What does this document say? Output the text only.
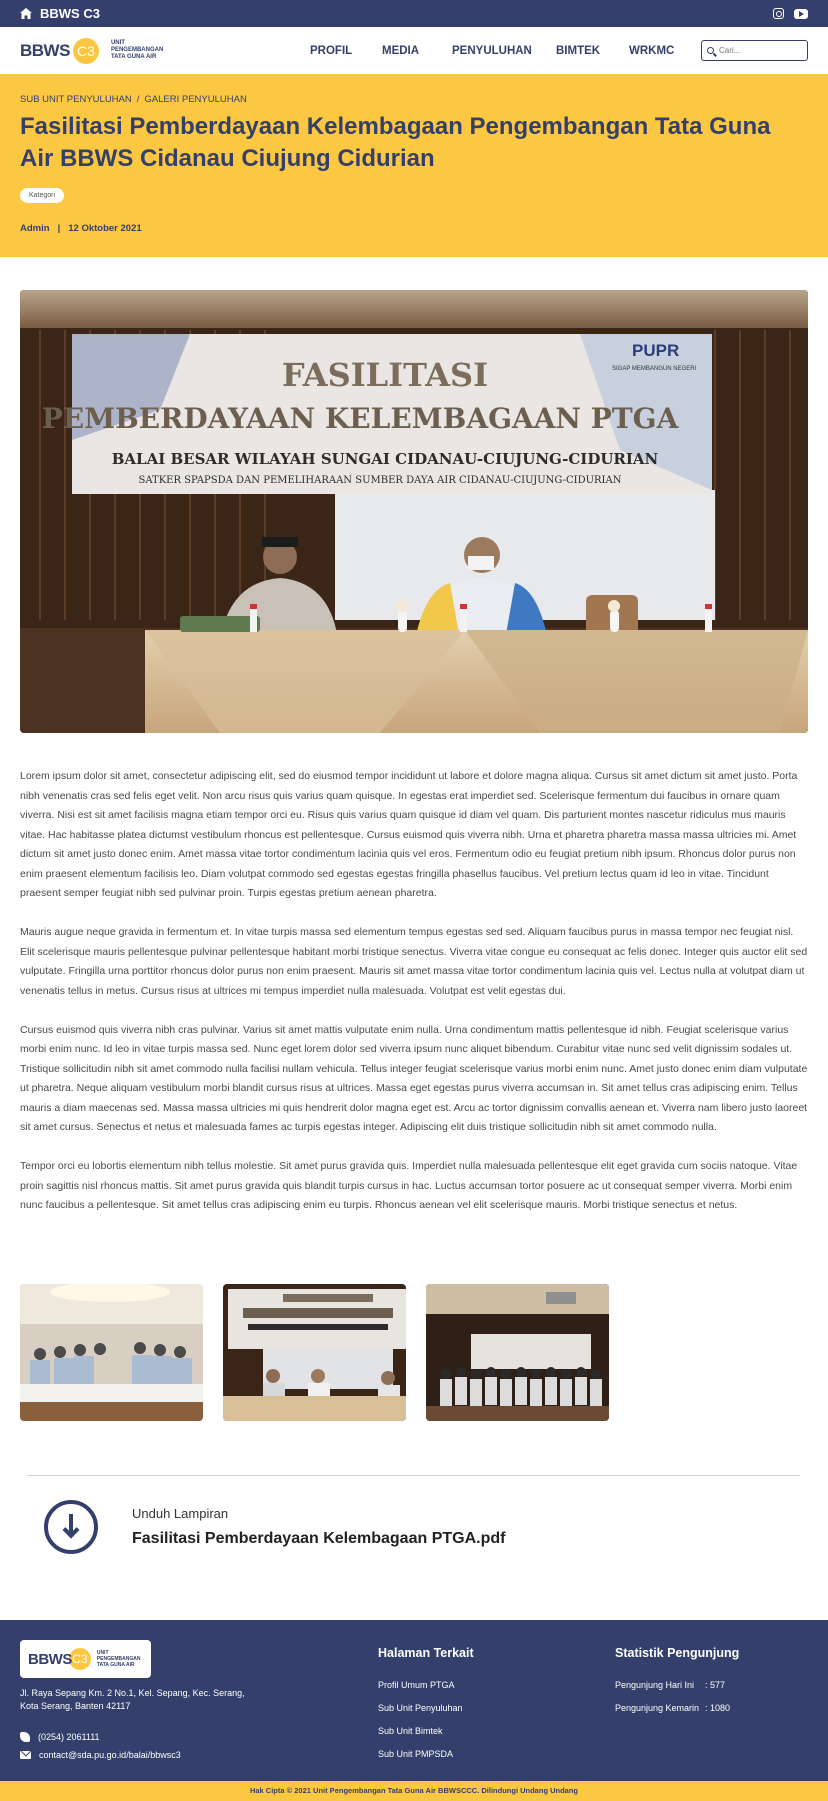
BBWS C3
BBWS C3	UNIT PENGEMBANGAN TATA GUNA AIR
PROFIL	MEDIA	PENYULUHAN BIMTEK	WRKMC
Cari...
SUB UNIT PENYULUHAN / GALERI PENYULUHAN
Fasilitasi Pemberdayaan Kelembagaan Pengembangan Tata Guna Air BBWS Cidanau Ciujung Cidurian
Kategori
Admin | 12 Oktober 2021
FASILITASI
PEMBERDAYAAN KELEMBAGAAN PTGA
BALAI BESAR WILAYAH SUNGAI CIDANAU-CIUJUNG-CIDURIAN
SATKER SPAPSDA DAN PEMELIHARAAN SUMBER DAYA AIR CIDANAU-CIUJUNG-CIDURIAN
PUPR
SIGAP MEMBANGUN NEGERI

Lorem ipsum dolor sit amet, consectetur adipiscing elit, sed do eiusmod tempor incididunt ut labore et dolore magna aliqua. Cursus sit amet dictum sit amet justo. Porta nibh venenatis cras sed felis eget velit. Non arcu risus quis varius quam quisque. In egestas erat imperdiet sed. Scelerisque fermentum dui faucibus in ornare quam viverra. Nisi est sit amet facilisis magna etiam tempor orci eu. Risus quis varius quam quisque id diam vel quam. Dis parturient montes nascetur ridiculus mus mauris vitae. Hac habitasse platea dictumst vestibulum rhoncus est pellentesque. Cursus euismod quis viverra nibh. Urna et pharetra pharetra massa massa ultricies mi. Amet dictum sit amet justo donec enim. Amet massa vitae tortor condimentum lacinia quis vel eros. Fermentum odio eu feugiat pretium nibh ipsum. Rhoncus dolor purus non enim praesent elementum facilisis leo. Diam volutpat commodo sed egestas egestas fringilla phasellus faucibus. Vel pretium lectus quam id leo in vitae. Tincidunt praesent semper feugiat nibh sed pulvinar proin. Turpis egestas pretium aenean pharetra.

Mauris augue neque gravida in fermentum et. In vitae turpis massa sed elementum tempus egestas sed sed. Aliquam faucibus purus in massa tempor nec feugiat nisl. Elit scelerisque mauris pellentesque pulvinar pellentesque habitant morbi tristique senectus. Viverra vitae congue eu consequat ac felis donec. Integer quis auctor elit sed vulputate. Fringilla urna porttitor rhoncus dolor purus non enim praesent. Mauris sit amet massa vitae tortor condimentum lacinia quis vel. Lectus nulla at volutpat diam ut venenatis tellus in metus. Cursus risus at ultrices mi tempus imperdiet nulla malesuada. Volutpat est velit egestas dui.

Cursus euismod quis viverra nibh cras pulvinar. Varius sit amet mattis vulputate enim nulla. Urna condimentum mattis pellentesque id nibh. Feugiat scelerisque varius morbi enim nunc. Id leo in vitae turpis massa sed. Nunc eget lorem dolor sed viverra ipsum nunc aliquet bibendum. Curabitur vitae nunc sed velit dignissim sodales ut. Tristique sollicitudin nibh sit amet commodo nulla facilisi nullam vehicula. Tellus integer feugiat scelerisque varius morbi enim nunc. Amet justo donec enim diam vulputate ut pharetra. Neque aliquam vestibulum morbi blandit cursus risus at ultrices. Massa eget egestas purus viverra accumsan in. Sit amet tellus cras adipiscing enim. Tellus mauris a diam maecenas sed. Massa massa ultricies mi quis hendrerit dolor magna eget est. Arcu ac tortor dignissim convallis aenean et. Viverra nam libero justo laoreet sit amet cursus. Senectus et netus et malesuada fames ac turpis egestas integer. Adipiscing elit duis tristique sollicitudin nibh sit amet commodo nulla.

Tempor orci eu lobortis elementum nibh tellus molestie. Sit amet purus gravida quis. Imperdiet nulla malesuada pellentesque elit eget gravida cum sociis natoque. Vitae proin sagittis nisl rhoncus mattis. Sit amet purus gravida quis blandit turpis cursus in hac. Luctus accumsan tortor posuere ac ut consequat semper viverra. Morbi enim nunc faucibus a pellentesque. Sit amet tellus cras adipiscing enim eu turpis. Rhoncus aenean vel elit scelerisque mauris. Morbi tristique senectus et netus.

Unduh Lampiran
Fasilitasi Pemberdayaan Kelembagaan PTGA.pdf
BBWS C3	UNIT PENGEMBANGAN TATA GUNA AIR
Jl. Raya Sepang Km. 2 No.1, Kel. Sepang, Kec. Serang,
Kota Serang, Banten 42117
(0254) 2061111
contact@sda.pu.go.id/balai/bbwsc3
Halaman Terkait
Profil Umum PTGA
Sub Unit Penyuluhan
Sub Unit Bimtek
Sub Unit PMPSDA
Statistik Pengunjung
Pengunjung Hari Ini	: 577
Pengunjung Kemarin : 1080
Hak Cipta © 2021 Unit Pengembangan Tata Guna Air BBWSCCC. Dilindungi Undang Undang
